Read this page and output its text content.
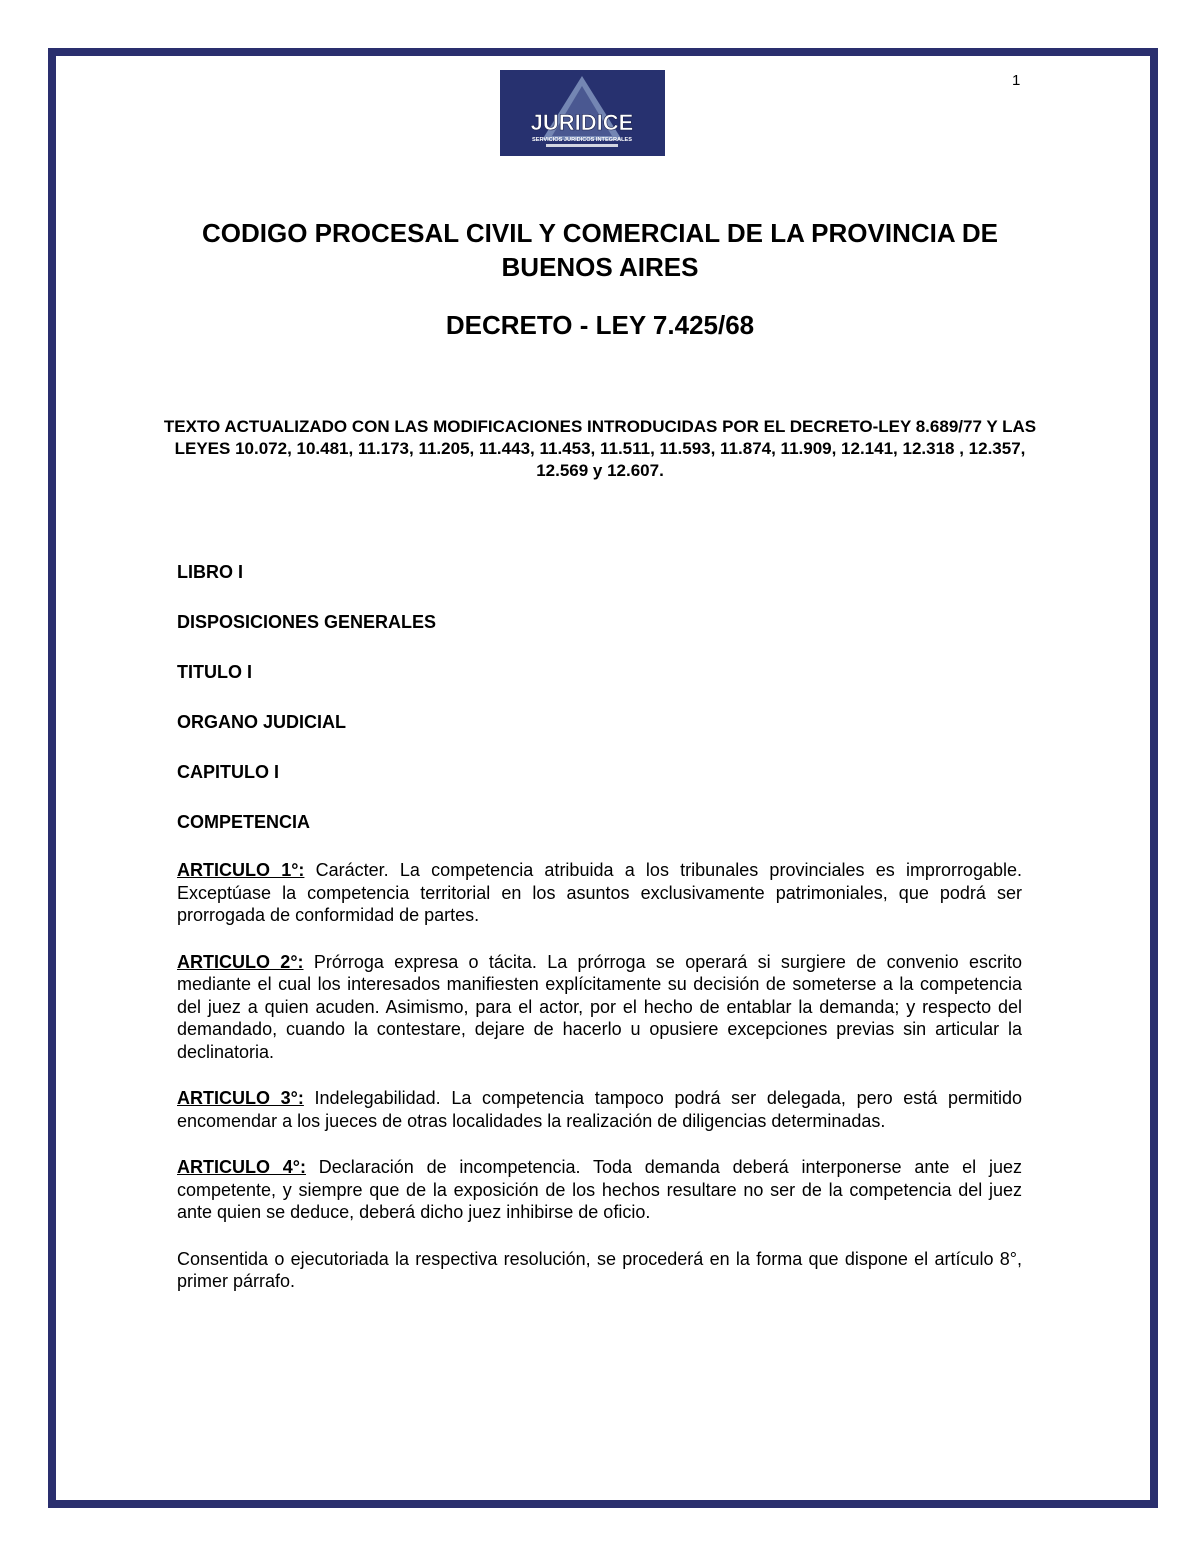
1
JURIDICE
SERVICIOS JURIDICOS INTEGRALES
CODIGO PROCESAL CIVIL Y COMERCIAL DE LA PROVINCIA DE BUENOS AIRES
DECRETO - LEY 7.425/68
TEXTO ACTUALIZADO CON LAS MODIFICACIONES INTRODUCIDAS POR EL DECRETO-LEY 8.689/77 Y LAS LEYES 10.072, 10.481, 11.173, 11.205, 11.443, 11.453, 11.511, 11.593, 11.874, 11.909, 12.141, 12.318 , 12.357, 12.569 y 12.607.
LIBRO I
DISPOSICIONES GENERALES
TITULO I
ORGANO JUDICIAL
CAPITULO I
COMPETENCIA

ARTICULO 1°: Carácter. La competencia atribuida a los tribunales provinciales es improrrogable. Exceptúase la competencia territorial en los asuntos exclusivamente patrimoniales, que podrá ser prorrogada de conformidad de partes.

ARTICULO 2°: Prórroga expresa o tácita. La prórroga se operará si surgiere de convenio escrito mediante el cual los interesados manifiesten explícitamente su decisión de someterse a la competencia del juez a quien acuden. Asimismo, para el actor, por el hecho de entablar la demanda; y respecto del demandado, cuando la contestare, dejare de hacerlo u opusiere excepciones previas sin articular la declinatoria.

ARTICULO 3°: Indelegabilidad. La competencia tampoco podrá ser delegada, pero está permitido encomendar a los jueces de otras localidades la realización de diligencias determinadas.

ARTICULO 4°: Declaración de incompetencia. Toda demanda deberá interponerse ante el juez competente, y siempre que de la exposición de los hechos resultare no ser de la competencia del juez ante quien se deduce, deberá dicho juez inhibirse de oficio.

Consentida o ejecutoriada la respectiva resolución, se procederá en la forma que dispone el artículo 8°, primer párrafo.
